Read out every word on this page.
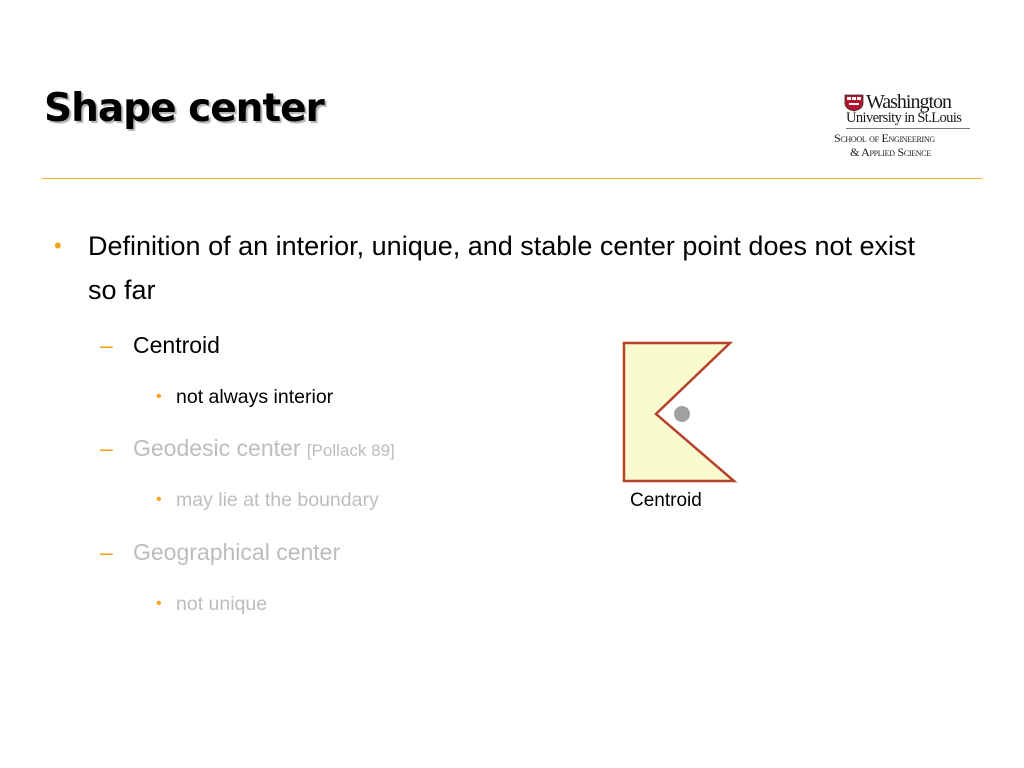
Shape center	Washington
University in St.Louis
School of Engineering
& Applied Science
• Definition of an interior, unique, and stable center point does not exist so far
– Centroid
• not always interior
– Geodesic center [Pollack 89]
• may lie at the boundary
– Geographical center
• not unique
Centroid
